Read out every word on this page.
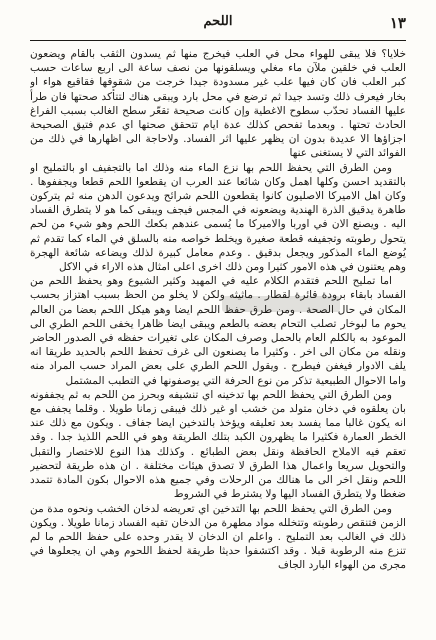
١٣
اللحم

خلايا؟ فلا يبقى للهواء محل في العلب فيخرج منها ثم يسدون الثقب بالقام ويضعون العلب في خلقين ملآن ماء مغلي ويسلقونها من نصف ساعة الى اربع ساعات حسب كبر العلب فان كان فيها علب غير مسدودة جيدا خرجت من شقوقها فقاقيع هواء او بخار فيعرف ذلك وتسد جيدا ثم ترضع في محل بارد ويبقى هناك لتتأكد صحتها فان طرأ عليها الفساد تحدّب سطوح الاغطية وإن كانت صحيحة تقعّر سطح الغالب بسبب الفراغ الحادث تحتها . وبعدما تفحص كذلك عدة ايام تتحقق صحتها اي عدم فتيق الصحيحة اجزاؤها الا عديدة بدون ان يظهر عليها اثر الفساد. ولاحاجة الى اظهارها في ذلك من الفوائد التي لا يستغنى عنها

ومن الطرق التي يحفظ اللحم بها نزع الماء منه وذلك اما بالتجفيف او بالتمليح او بالتقديد احسن وكلها اهمل وكان شائعا عند العرب ان يقطعوا اللحم قطعا ويجففوها . وكان اهل الاميركا الاصليون كانوا يقطعون اللحم شرائح ويدعون الدهن منه ثم يتركون طاهرة يدقيق الذرة الهندية ويضعونه في المجس فيجف ويبقى كما هو لا يتطرق الفساد اليه . ويصنع الان في اوربا والاميركا ما يُسمى عندهم بكعك اللحم وهو شيء من لحم يتحول رطوبته وتجفيفه قطعة صغيرة ويخلط خواصه منه بالسلق في الماء كما تقدم ثم يُوضع الماء المذكور ويجعل بدقيق . وعدم معامل كبيرة لذلك ويضاعه شائعة الهجرة وهم يعتنون في هذه الامور كثيرا ومن ذلك اخرى اعلى امثال هذه الاراء في الاكل

اما تمليح اللحم فتقدم الكلام عليه في المهيد وكثير الشيوع وهو يحفظ اللحم من الفساد بابقاء برودة قائرة لقطار . ماثيثه ولكن لا يخلو من الحظ بسبب اهتزاز بحسب المكان في حال الصحة . ومن طرق حفظ اللحم ايضا وهو هيكل اللحم بعضا من العالم يحوم ما لبوخار تصلب التحام بعضه بالطعم ويبقى ايضا ظاهرا يخفى اللحم الطري الى الموعود به بالكلم العام بالحمل وصرف المكان على تغيرات حفظه في الصدور الحاضر ونقله من مكان الى اخر . وكثيرا ما يصنعون الى غرف تحفظ اللحم بالحديد طريقا انه يلف الادوار فيغفن فيطرح . ويقول اللحم الطري على بعض المراد حسب المراد منه واما الاحوال الطبيعية تذكر من نوع الحرفة التي يوصفونها في التطبب المشتمل

ومن الطرق التي يحفظ اللحم بها تدخينه اي تنشيفه وبحرز من اللحم به ثم يجففونه بان يعلقوه في دخان متولد من خشب او غير ذلك فيبقى زمانا طويلا . وقلما يجفف مع انه يكون غالبا مما يفسد بعد تعليقه ويؤخذ بالتدخين ايضا جفاف . ويكون مع ذلك عند الخطر العمارة فكثيرا ما يظهرون الكبد بتلك الطريقة وهو في اللحم اللذيذ جدا . وقد تعقم فيه الاملاح الحافظة ونقل بعض الطبائع . وكذلك هذا النوع للاختصار والتقبل والتحويل سريعا واعمال هذا الطرق لا تصدق هيئات مختلفة . ان هذه طريقة لتحضير اللحم ونقل اخر الى ما هنالك من الرحلات وفي جميع هذه الاحوال بكون المادة تتمدد ضغطا ولا يتطرق الفساد اليها ولا يشترط في الشروط

ومن الطرق التي يحفظ اللحم بها التدخين اي تعريضه لدخان الخشب ونحوه مدة من الزمن فتنقص رطوبته وتتخلله مواد مطهرة من الدخان تقيه الفساد زمانا طويلا . ويكون ذلك في الغالب بعد التمليح . واعلم ان الدخان لا يقدر وحده على حفظ اللحم ما لم تنزع منه الرطوبة قبلا . وقد اكتشفوا حديثا طريقة لحفظ اللحوم وهي ان يجعلوها في مجرى من الهواء البارد الجاف
